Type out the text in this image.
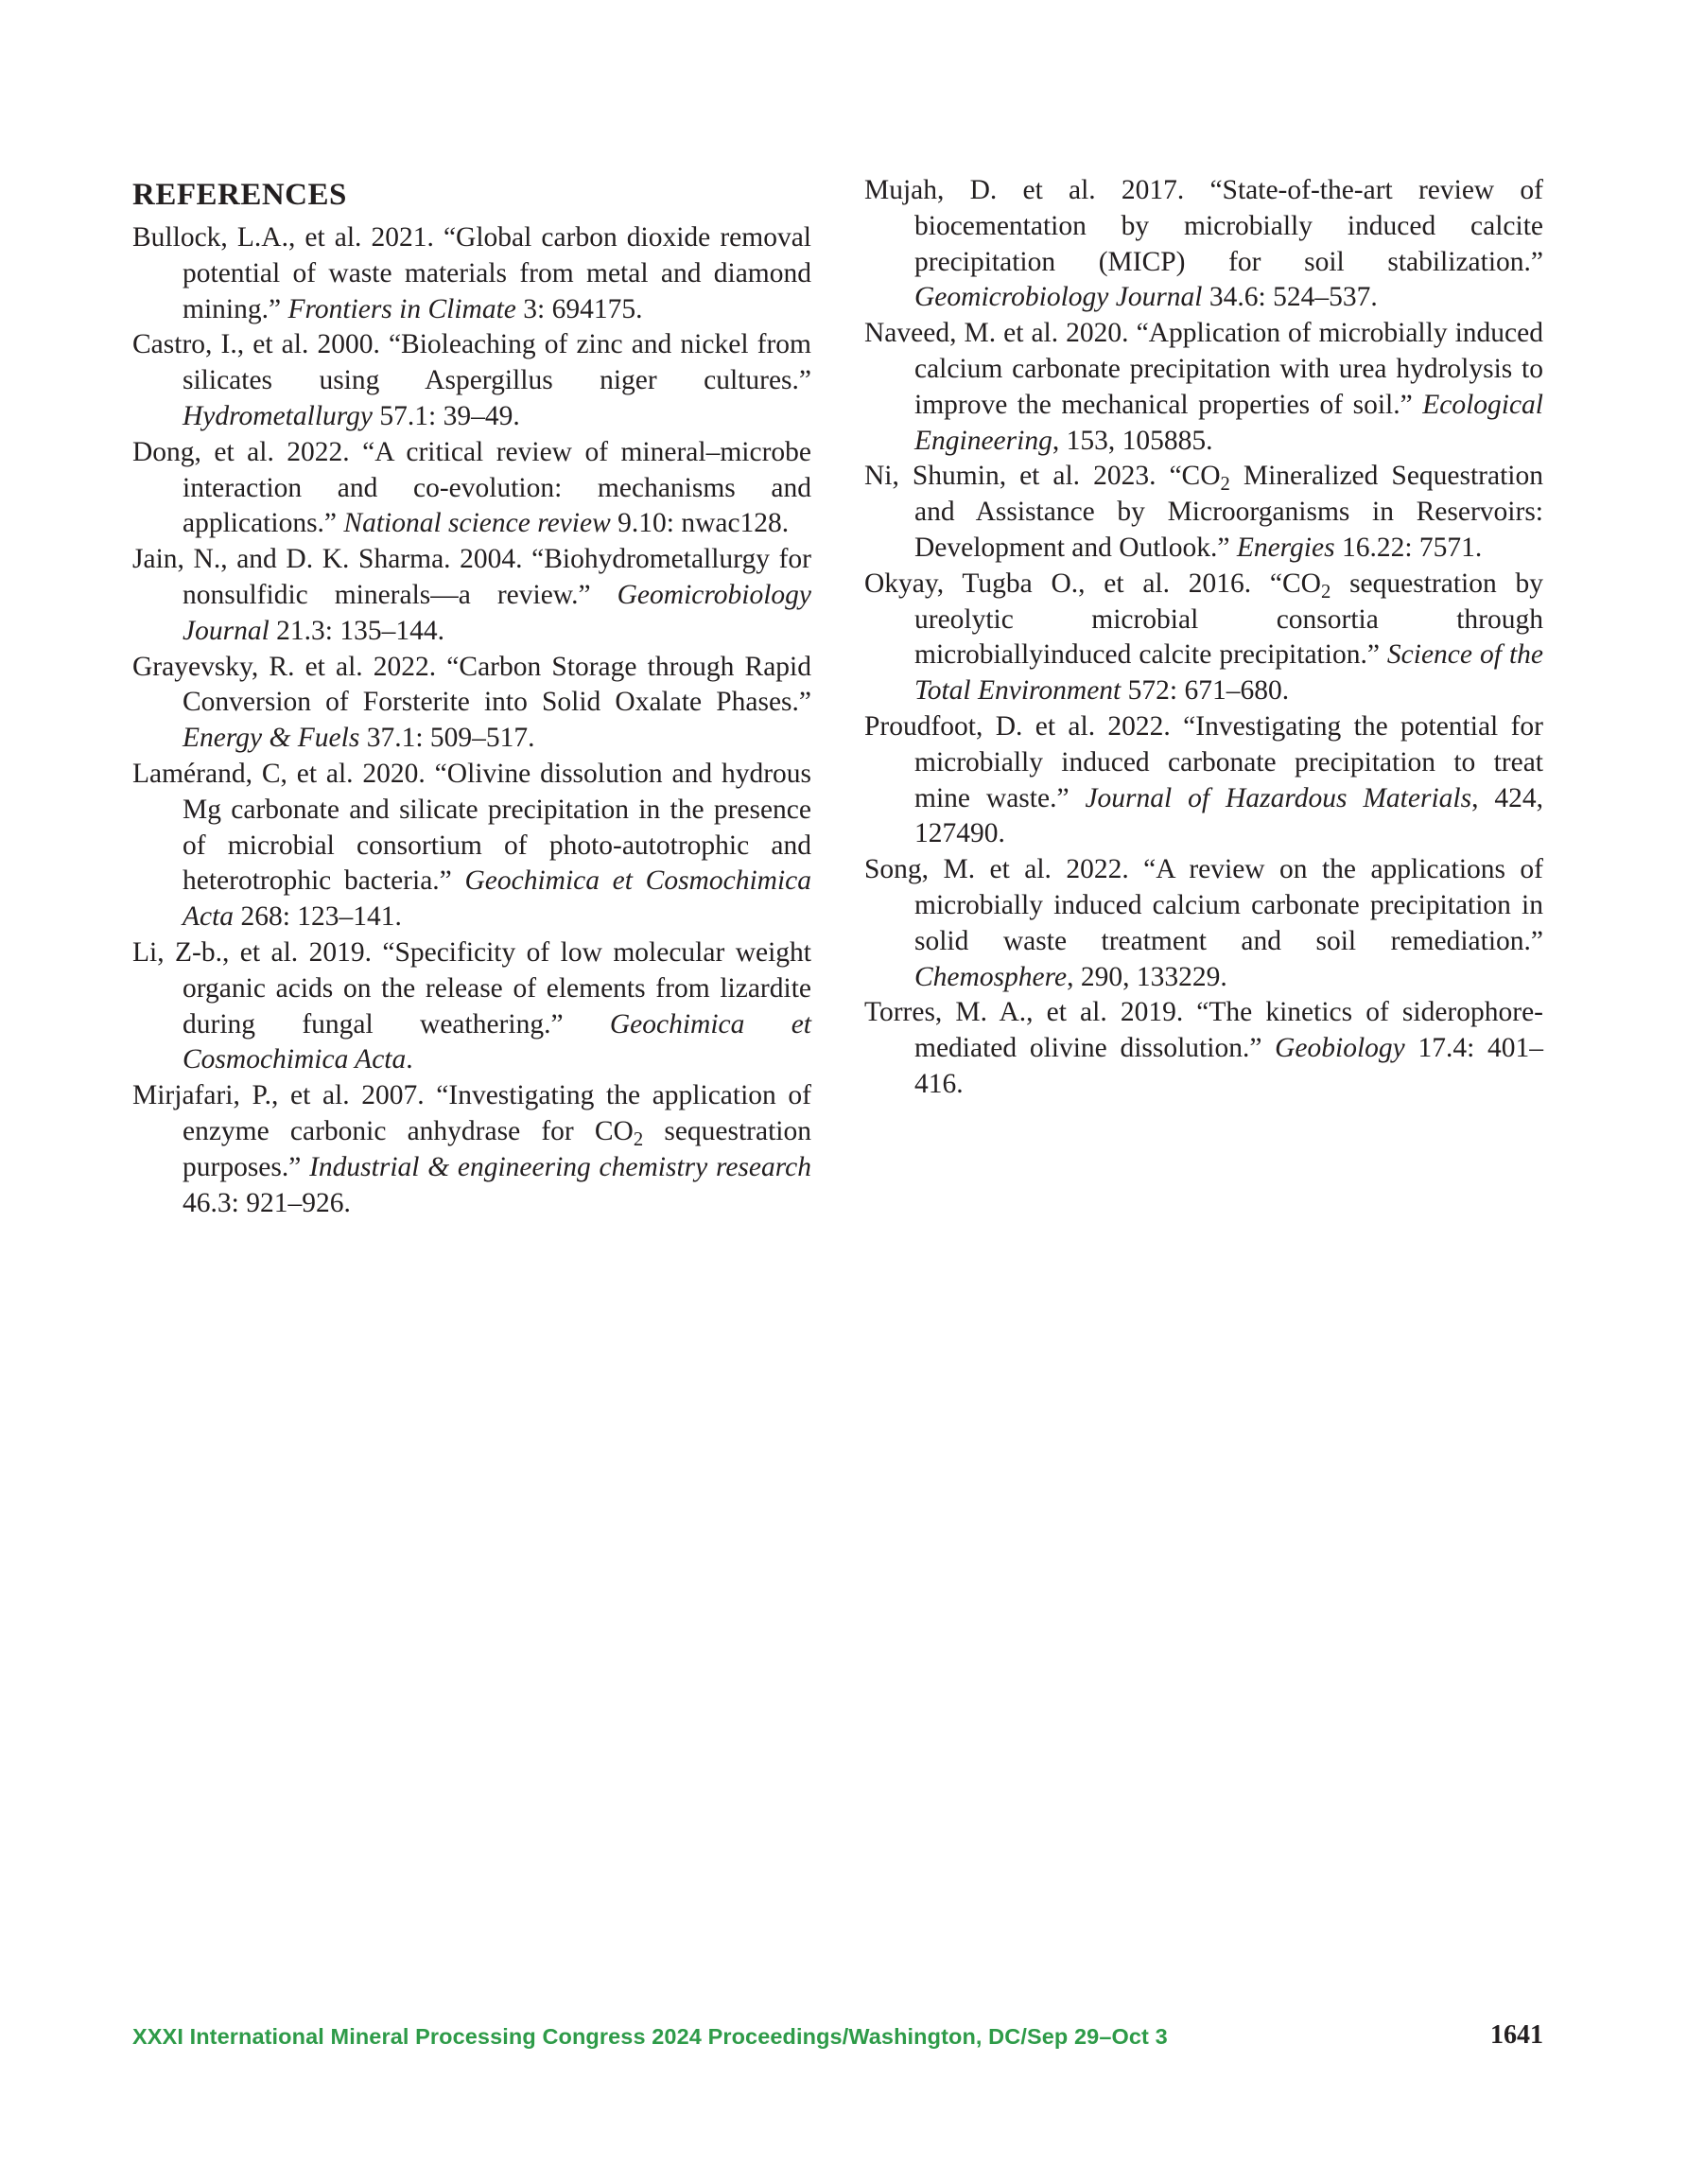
REFERENCES

Bullock, L.A., et al. 2021. “Global carbon dioxide removal potential of waste materials from metal and diamond mining.” Frontiers in Climate 3: 694175.

Castro, I., et al. 2000. “Bioleaching of zinc and nickel from silicates using Aspergillus niger cultures.” Hydrometallurgy 57.1: 39–49.

Dong, et al. 2022. “A critical review of mineral–microbe interaction and co-evolution: mechanisms and applications.” National science review 9.10: nwac128.

Jain, N., and D. K. Sharma. 2004. “Biohydrometallurgy for nonsulfidic minerals—a review.” Geomicrobiology Journal 21.3: 135–144.

Grayevsky, R. et al. 2022. “Carbon Storage through Rapid Conversion of Forsterite into Solid Oxalate Phases.” Energy & Fuels 37.1: 509–517.

Lamérand, C, et al. 2020. “Olivine dissolution and hydrous Mg carbonate and silicate precipitation in the presence of microbial consortium of photo-autotrophic and heterotrophic bacteria.” Geochimica et Cosmochimica Acta 268: 123–141.

Li, Z-b., et al. 2019. “Specificity of low molecular weight organic acids on the release of elements from lizardite during fungal weathering.” Geochimica et Cosmochimica Acta.

Mirjafari, P., et al. 2007. “Investigating the application of enzyme carbonic anhydrase for $CO_2$ sequestration purposes.” Industrial & engineering chemistry research 46.3: 921–926.

Mujah, D. et al. 2017. “State-of-the-art review of biocementation by microbially induced calcite precipitation (MICP) for soil stabilization.” Geomicrobiology Journal 34.6: 524–537.

Naveed, M. et al. 2020. “Application of microbially induced calcium carbonate precipitation with urea hydrolysis to improve the mechanical properties of soil.” Ecological Engineering, 153, 105885.

Ni, Shumin, et al. 2023. “$CO_2$ Mineralized Sequestration and Assistance by Microorganisms in Reservoirs: Development and Outlook.” Energies 16.22: 7571.

Okyay, Tugba O., et al. 2016. “$CO_2$ sequestration by ureolytic microbial consortia through microbiallyinduced calcite precipitation.” Science of the Total Environment 572: 671–680.

Proudfoot, D. et al. 2022. “Investigating the potential for microbially induced carbonate precipitation to treat mine waste.” Journal of Hazardous Materials, 424, 127490.

Song, M. et al. 2022. “A review on the applications of microbially induced calcium carbonate precipitation in solid waste treatment and soil remediation.” Chemosphere, 290, 133229.

Torres, M. A., et al. 2019. “The kinetics of siderophore-mediated olivine dissolution.” Geobiology 17.4: 401–416.

XXXI International Mineral Processing Congress 2024 Proceedings/Washington, DC/Sep 29–Oct 3	1641
